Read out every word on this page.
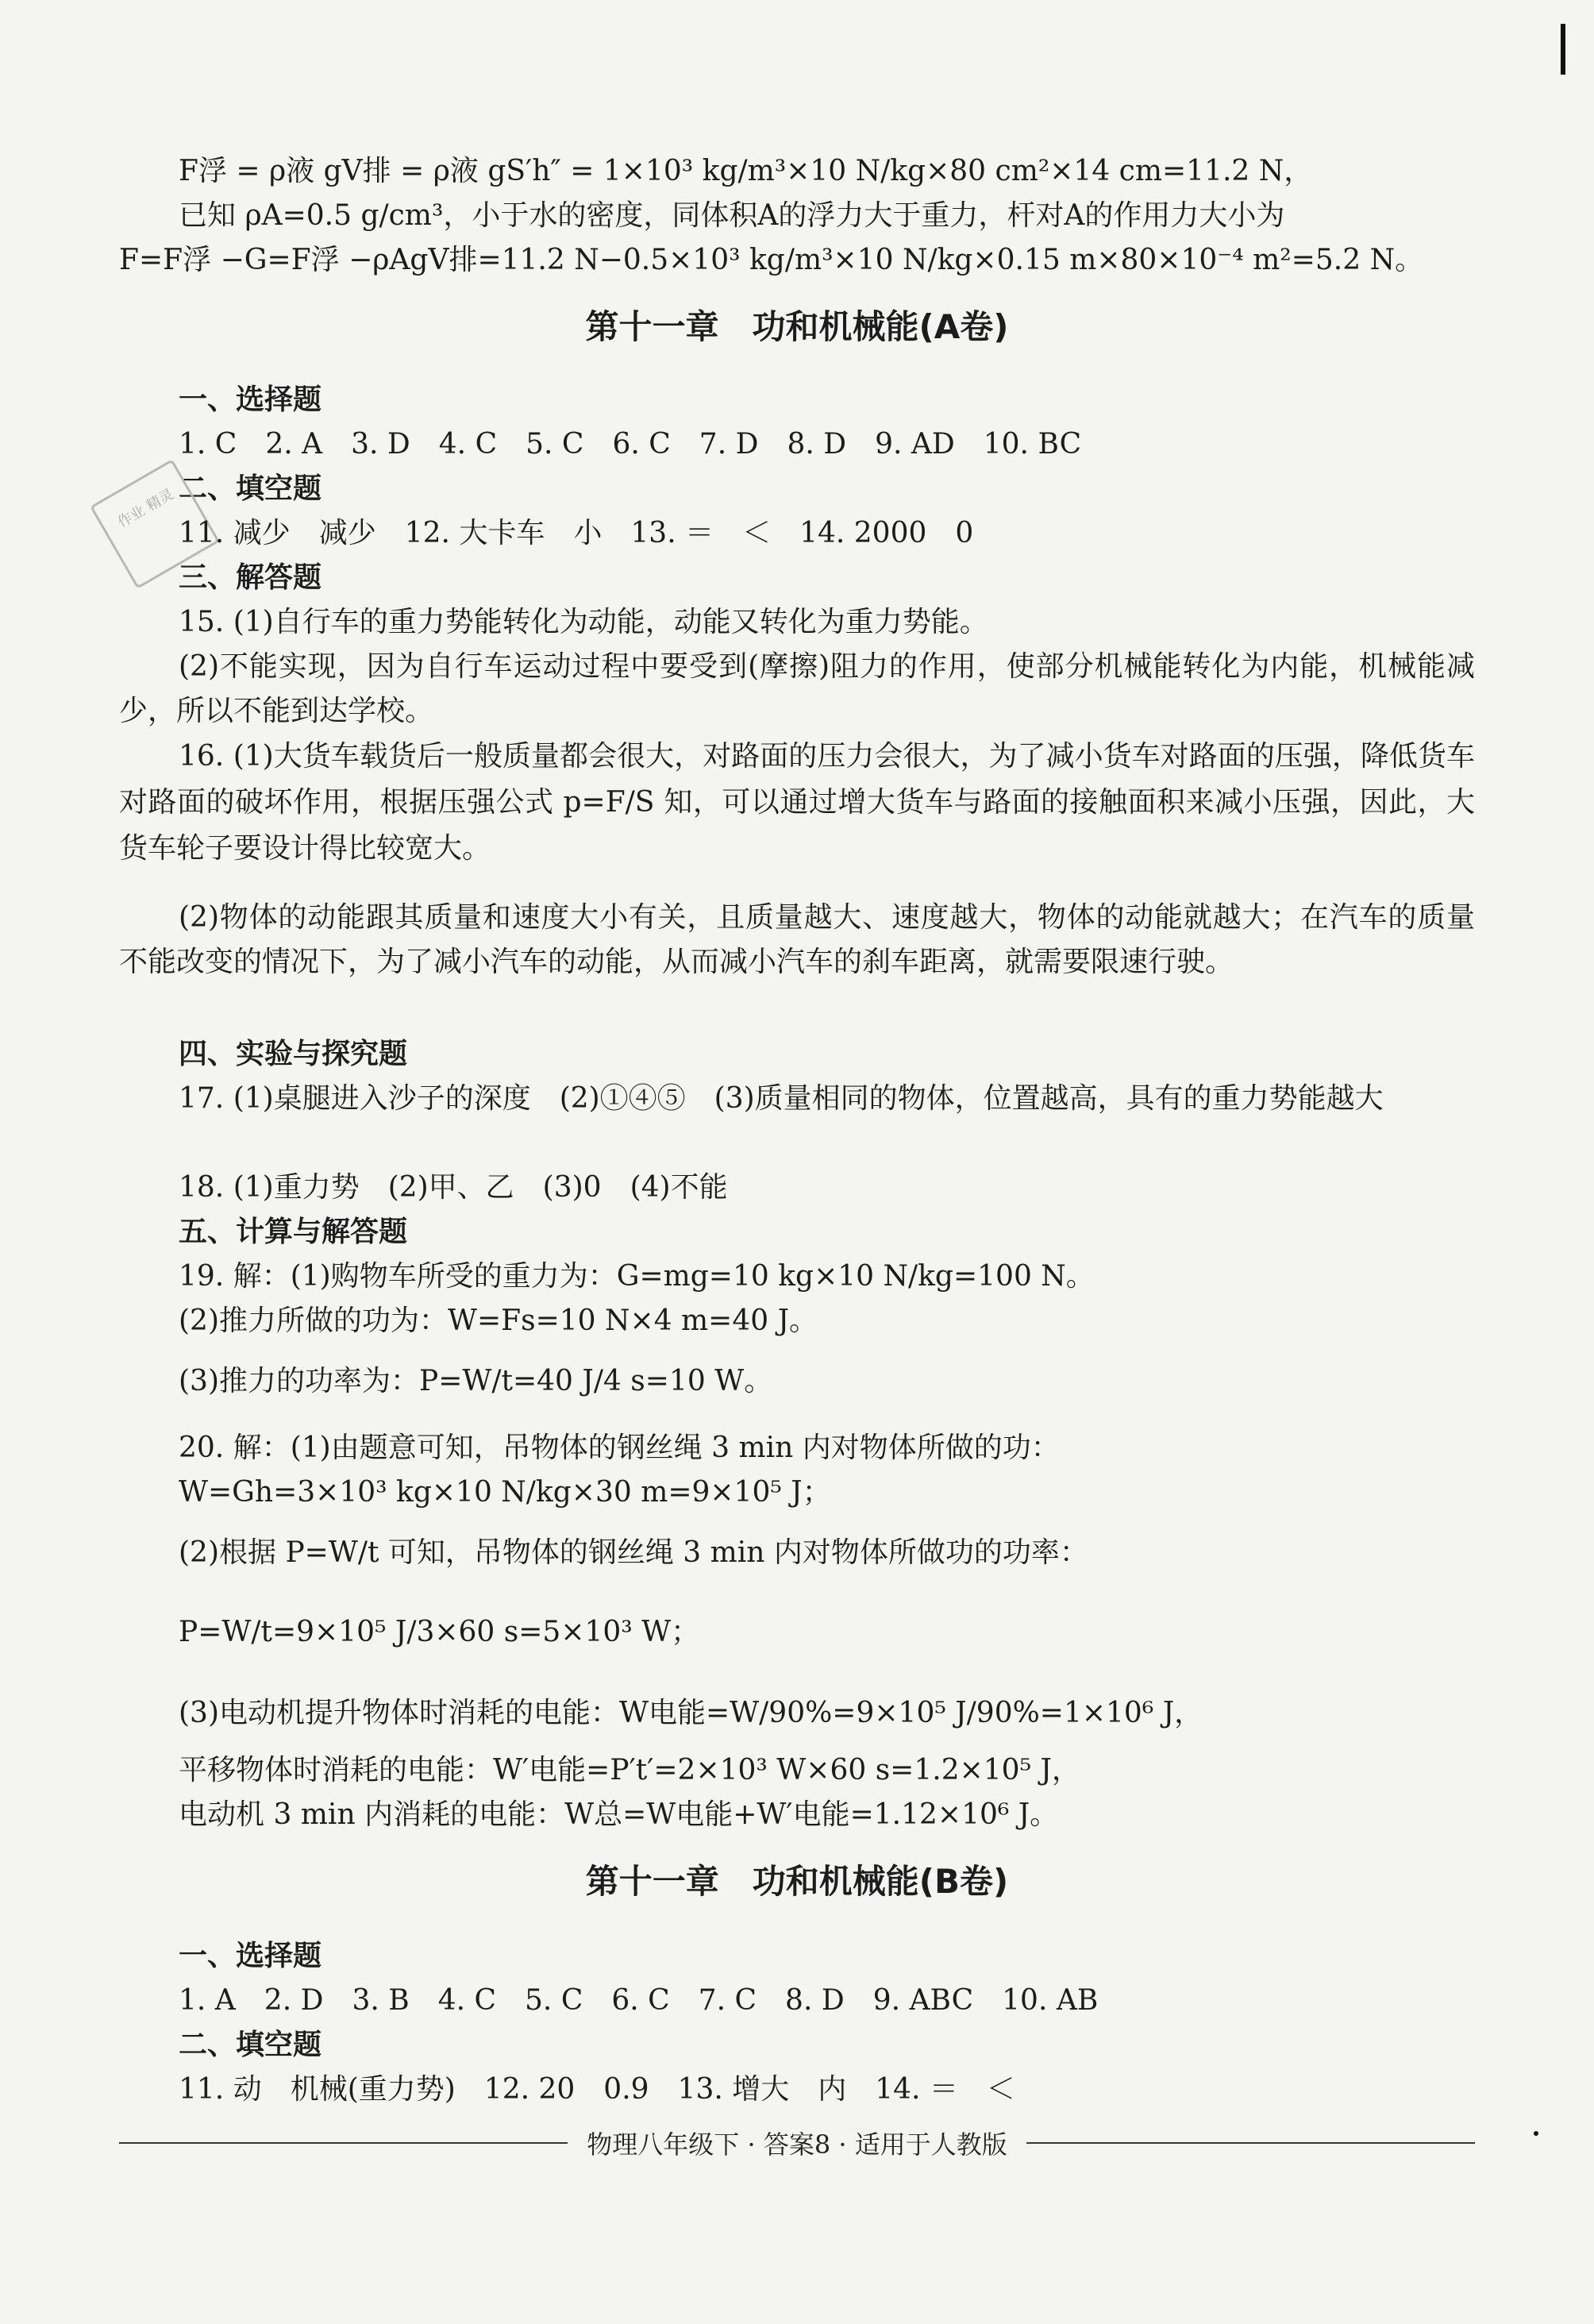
F浮 = ρ液 gV排 = ρ液 gS′h″ = 1×10³ kg/m³×10 N/kg×80 cm²×14 cm=11.2 N，
已知 ρA=0.5 g/cm³，小于水的密度，同体积A的浮力大于重力，杆对A的作用力大小为
F=F浮 −G=F浮 −ρAgV排=11.2 N−0.5×10³ kg/m³×10 N/kg×0.15 m×80×10⁻⁴ m²=5.2 N。
第十一章　功和机械能(A卷)
一、选择题
1. C　2. A　3. D　4. C　5. C　6. C　7. D　8. D　9. AD　10. BC
二、填空题
作业 精灵
11. 减少　减少　12. 大卡车　小　13. ＝　＜　14. 2000　0
三、解答题
15. (1)自行车的重力势能转化为动能，动能又转化为重力势能。
(2)不能实现，因为自行车运动过程中要受到(摩擦)阻力的作用，使部分机械能转化为内能，机械能减少，所以不能到达学校。
16. (1)大货车载货后一般质量都会很大，对路面的压力会很大，为了减小货车对路面的压强，降低货车对路面的破坏作用，根据压强公式 p=F/S 知，可以通过增大货车与路面的接触面积来减小压强，因此，大货车轮子要设计得比较宽大。
(2)物体的动能跟其质量和速度大小有关，且质量越大、速度越大，物体的动能就越大；在汽车的质量不能改变的情况下，为了减小汽车的动能，从而减小汽车的刹车距离，就需要限速行驶。
四、实验与探究题
17. (1)桌腿进入沙子的深度　(2)①④⑤　(3)质量相同的物体，位置越高，具有的重力势能越大
18. (1)重力势　(2)甲、乙　(3)0　(4)不能
五、计算与解答题
19. 解：(1)购物车所受的重力为：G=mg=10 kg×10 N/kg=100 N。
(2)推力所做的功为：W=Fs=10 N×4 m=40 J。
(3)推力的功率为：P=W/t=40 J/4 s=10 W。
20. 解：(1)由题意可知，吊物体的钢丝绳 3 min 内对物体所做的功：
W=Gh=3×10³ kg×10 N/kg×30 m=9×10⁵ J；
(2)根据 P=W/t 可知，吊物体的钢丝绳 3 min 内对物体所做功的功率：
P=W/t=9×10⁵ J/3×60 s=5×10³ W；
(3)电动机提升物体时消耗的电能：W电能=W/90%=9×10⁵ J/90%=1×10⁶ J，
平移物体时消耗的电能：W′电能=P′t′=2×10³ W×60 s=1.2×10⁵ J，
电动机 3 min 内消耗的电能：W总=W电能+W′电能=1.12×10⁶ J。
第十一章　功和机械能(B卷)
一、选择题
1. A　2. D　3. B　4. C　5. C　6. C　7. C　8. D　9. ABC　10. AB
二、填空题
11. 动　机械(重力势)　12. 20　0.9　13. 增大　内　14. ＝　＜
物理八年级下 · 答案8 · 适用于人教版
